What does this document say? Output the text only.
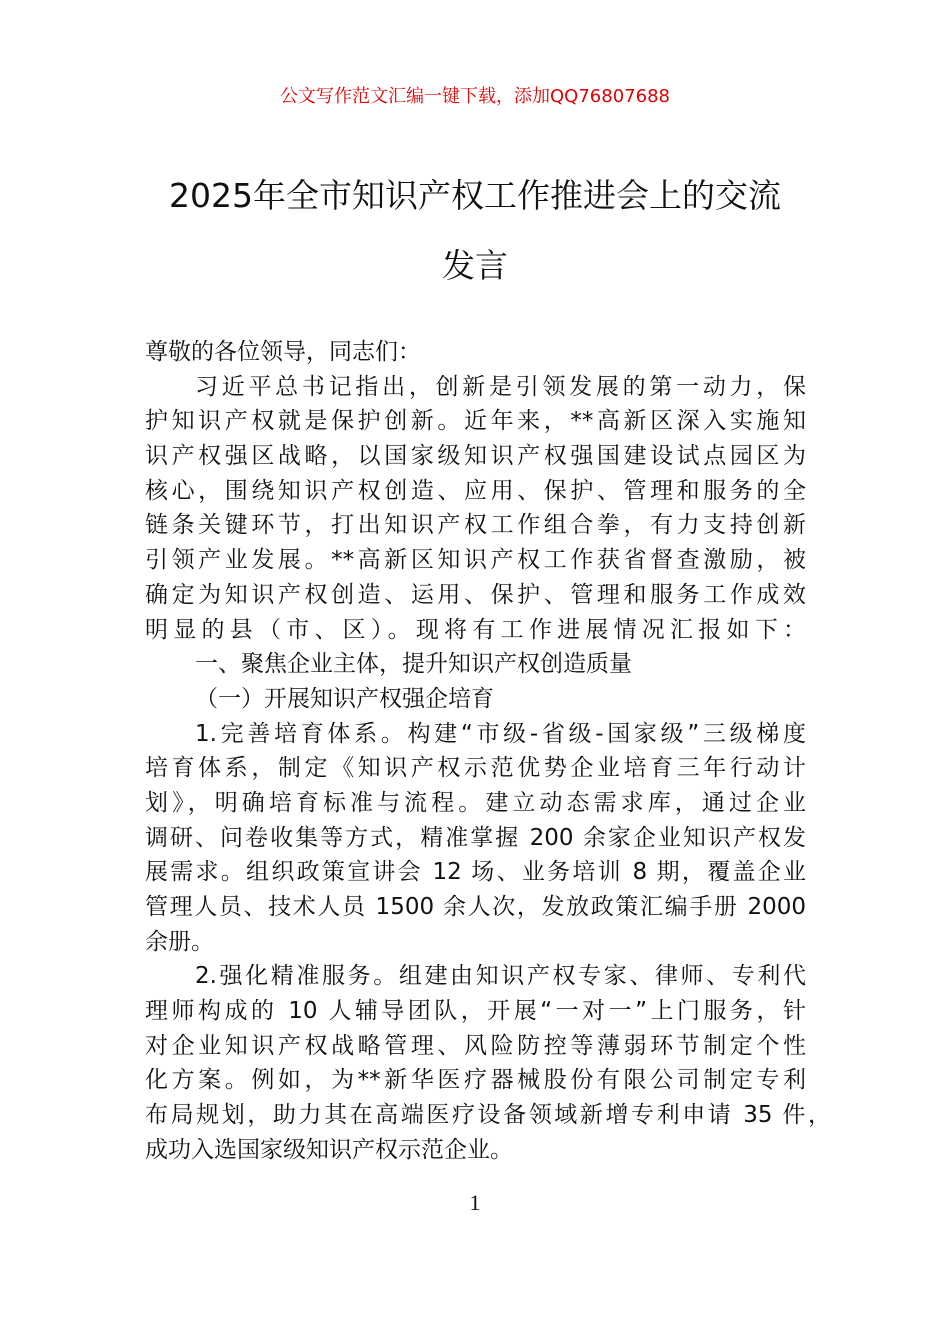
公文写作范文汇编一键下载，添加QQ76807688
2025年全市知识产权工作推进会上的交流
发言
尊敬的各位领导，同志们：
习近平总书记指出，创新是引领发展的第一动力，保
护知识产权就是保护创新。近年来，**高新区深入实施知
识产权强区战略，以国家级知识产权强国建设试点园区为
核心，围绕知识产权创造、应用、保护、管理和服务的全
链条关键环节，打出知识产权工作组合拳，有力支持创新
引领产业发展。**高新区知识产权工作获省督查激励，被
确定为知识产权创造、运用、保护、管理和服务工作成效
明显的县（市、区）。现将有工作进展情况汇报如下：
一、聚焦企业主体，提升知识产权创造质量
（一）开展知识产权强企培育
1.完善培育体系。构建“市级-省级-国家级”三级梯度
培育体系，制定《知识产权示范优势企业培育三年行动计
划》，明确培育标准与流程。建立动态需求库，通过企业
调研、问卷收集等方式，精准掌握 200 余家企业知识产权发
展需求。组织政策宣讲会 12 场、业务培训 8 期，覆盖企业
管理人员、技术人员 1500 余人次，发放政策汇编手册 2000
余册。
2.强化精准服务。组建由知识产权专家、律师、专利代
理师构成的 10 人辅导团队，开展“一对一”上门服务，针
对企业知识产权战略管理、风险防控等薄弱环节制定个性
化方案。例如，为**新华医疗器械股份有限公司制定专利
布局规划，助力其在高端医疗设备领域新增专利申请 35 件，
成功入选国家级知识产权示范企业。
1
